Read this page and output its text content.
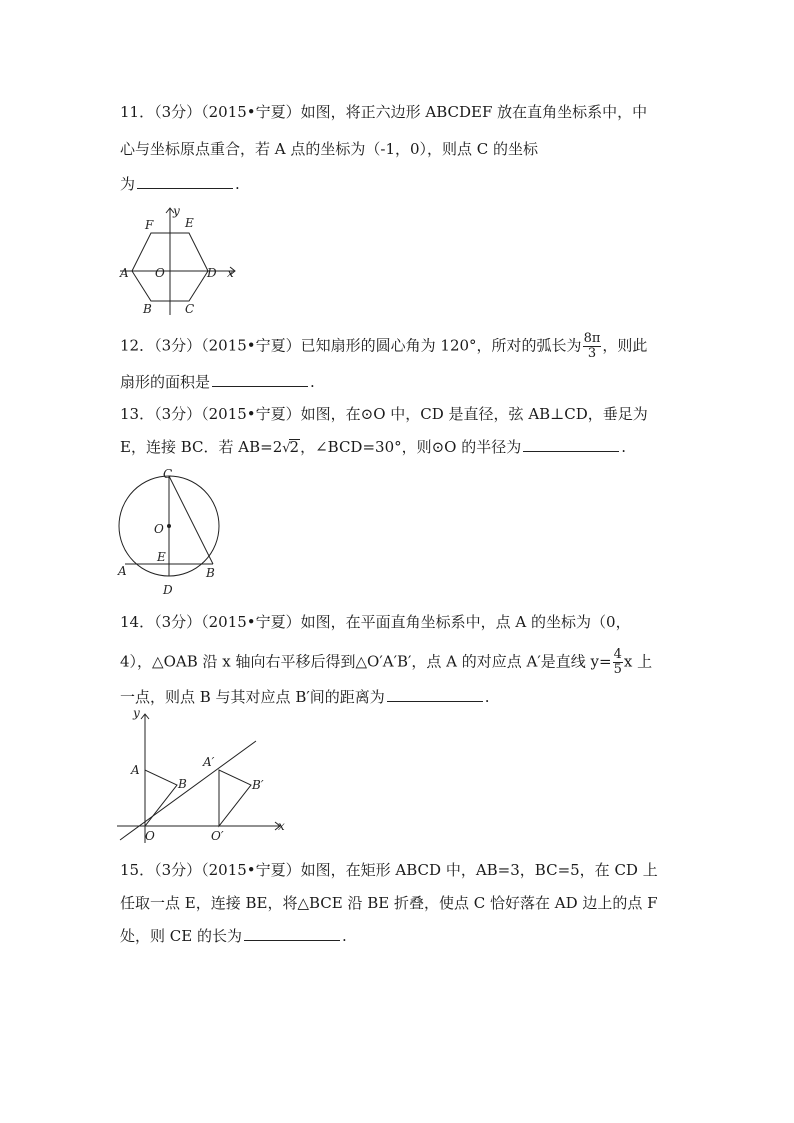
11．（3分）（2015•宁夏）如图，将正六边形 ABCDEF 放在直角坐标系中，中
心与坐标原点重合，若 A 点的坐标为（-1，0），则点 C 的坐标
为	.
F	E
y
A O	D x
B	C
12．（3分）（2015•宁夏）已知扇形的圆心角为 120°，所对的弧长为 $\frac{8\pi}{3}$ ，则此
扇形的面积是	.
13．（3分）（2015•宁夏）如图，在⊙O 中，CD 是直径，弦 AB⊥CD，垂足为
E，连接 BC．若 AB=2√2，∠BCD=30°，则⊙O 的半径为	.
C
O
E
A	B
D
14．（3分）（2015•宁夏）如图，在平面直角坐标系中，点 A 的坐标为（0，
4），△OAB 沿 x 轴向右平移后得到△O′A′B′，点 A 的对应点 A′是直线 $y= \frac{4}{5}$ x 上
一点，则点 B 与其对应点 B′间的距离为	.
y
A
B
A′
B′
O	O′
x
15．（3分）（2015•宁夏）如图，在矩形 ABCD 中，AB=3，BC=5，在 CD 上
任取一点 E，连接 BE，将△BCE 沿 BE 折叠，使点 C 恰好落在 AD 边上的点 F
处，则 CE 的长为	.
